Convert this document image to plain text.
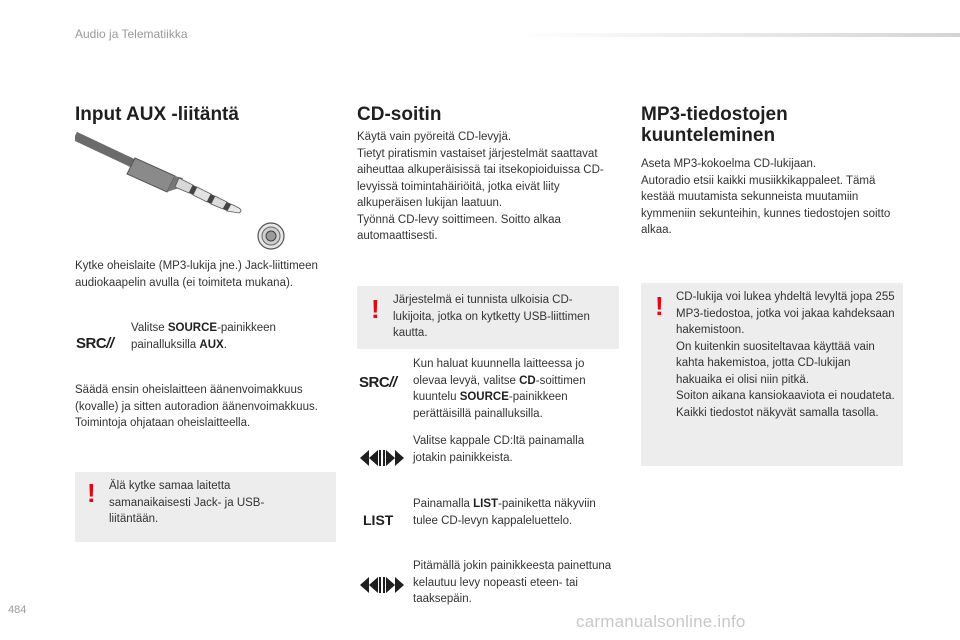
Audio ja Telematiikka
Input AUX -liitäntä
Kytke oheislaite (MP3-lukija jne.) Jack-liittimeen audiokaapelin avulla (ei toimiteta mukana).
SRC//
Valitse SOURCE-painikkeen painalluksilla AUX.
Säädä ensin oheislaitteen äänenvoimakkuus (kovalle) ja sitten autoradion äänenvoimakkuus. Toimintoja ohjataan oheislaitteella.
! Älä kytke samaa laitetta samanaikaisesti Jack- ja USB-liitäntään.
CD-soitin
Käytä vain pyöreitä CD-levyjä.
Tietyt piratismin vastaiset järjestelmät saattavat aiheuttaa alkuperäisissä tai itsekopioiduissa CD-levyissä toimintahäiriöitä, jotka eivät liity alkuperäisen lukijan laatuun.
Työnnä CD-levy soittimeen. Soitto alkaa automaattisesti.
! Järjestelmä ei tunnista ulkoisia CD-lukijoita, jotka on kytketty USB-liittimen kautta.
SRC//
Kun haluat kuunnella laitteessa jo olevaa levyä, valitse CD-soittimen kuuntelu SOURCE-painikkeen perättäisillä painalluksilla.
Valitse kappale CD:ltä painamalla jotakin painikkeista.
LIST
Painamalla LIST-painiketta näkyviin tulee CD-levyn kappaleluettelo.
Pitämällä jokin painikkeesta painettuna kelautuu levy nopeasti eteen- tai taaksepäin.
MP3-tiedostojen
kuunteleminen
Aseta MP3-kokoelma CD-lukijaan.
Autoradio etsii kaikki musiikkikappaleet. Tämä kestää muutamista sekunneista muutamiin kymmeniin sekunteihin, kunnes tiedostojen soitto alkaa.
! CD-lukija voi lukea yhdeltä levyltä jopa 255 MP3-tiedostoa, jotka voi jakaa kahdeksaan hakemistoon.
On kuitenkin suositeltavaa käyttää vain kahta hakemistoa, jotta CD-lukijan hakuaika ei olisi niin pitkä.
Soiton aikana kansiokaaviota ei noudateta.
Kaikki tiedostot näkyvät samalla tasolla.
484
carmanualsonline.info
